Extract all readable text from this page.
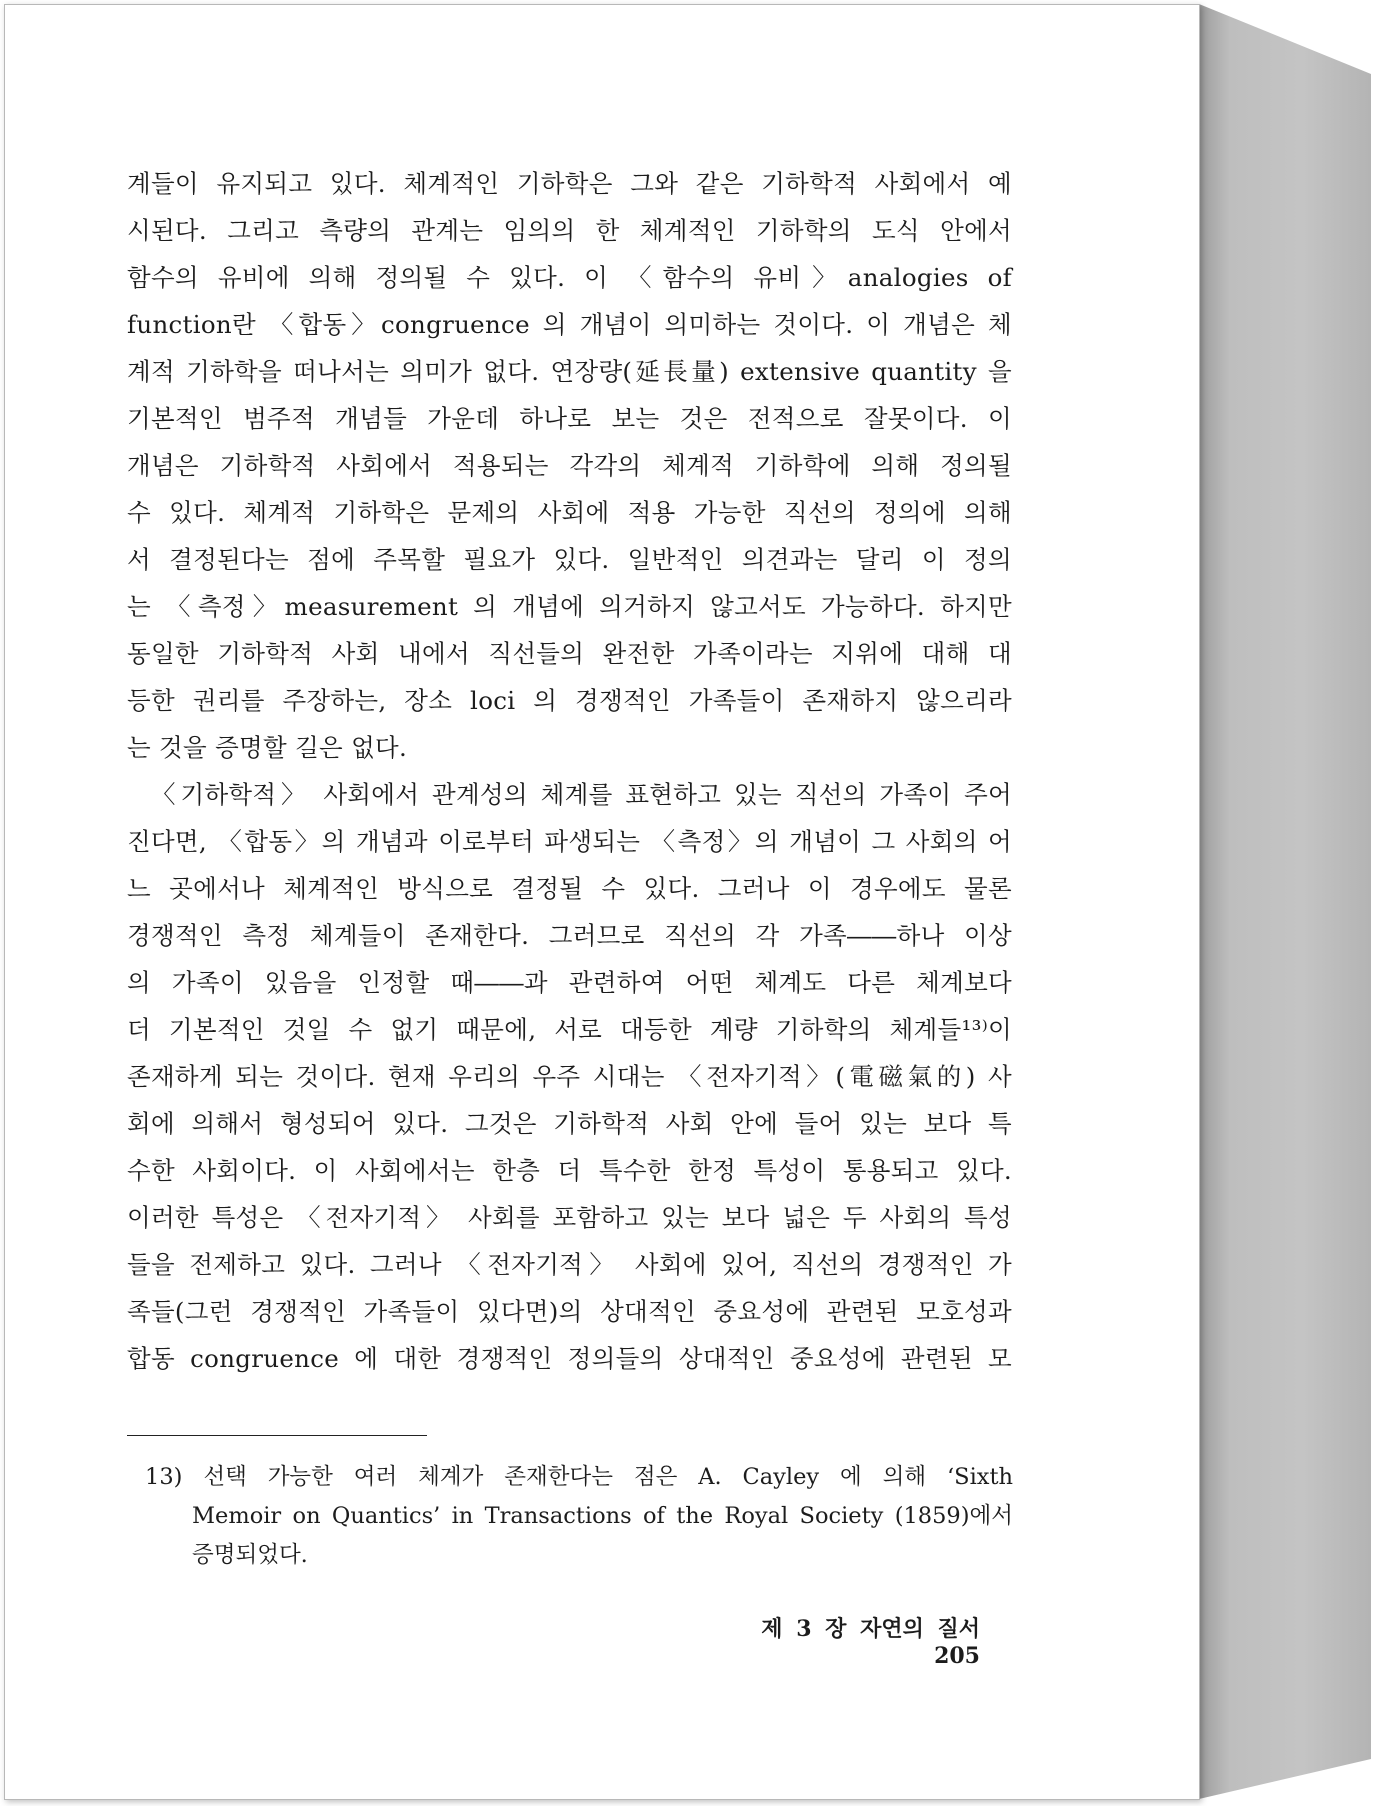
계들이 유지되고 있다. 체계적인 기하학은 그와 같은 기하학적 사회에서 예
시된다. 그리고 측량의 관계는 임의의 한 체계적인 기하학의 도식 안에서
함수의 유비에 의해 정의될 수 있다. 이 〈함수의 유비〉analogies of
function란 〈합동〉congruence 의 개념이 의미하는 것이다. 이 개념은 체
계적 기하학을 떠나서는 의미가 없다. 연장량(延長量) extensive quantity 을
기본적인 범주적 개념들 가운데 하나로 보는 것은 전적으로 잘못이다. 이
개념은 기하학적 사회에서 적용되는 각각의 체계적 기하학에 의해 정의될
수 있다. 체계적 기하학은 문제의 사회에 적용 가능한 직선의 정의에 의해
서 결정된다는 점에 주목할 필요가 있다. 일반적인 의견과는 달리 이 정의
는 〈측정〉measurement 의 개념에 의거하지 않고서도 가능하다. 하지만
동일한 기하학적 사회 내에서 직선들의 완전한 가족이라는 지위에 대해 대
등한 권리를 주장하는, 장소 loci 의 경쟁적인 가족들이 존재하지 않으리라
는 것을 증명할 길은 없다.
〈기하학적〉 사회에서 관계성의 체계를 표현하고 있는 직선의 가족이 주어
진다면, 〈합동〉의 개념과 이로부터 파생되는 〈측정〉의 개념이 그 사회의 어
느 곳에서나 체계적인 방식으로 결정될 수 있다. 그러나 이 경우에도 물론
경쟁적인 측정 체계들이 존재한다. 그러므로 직선의 각 가족――하나 이상
의 가족이 있음을 인정할 때――과 관련하여 어떤 체계도 다른 체계보다
더 기본적인 것일 수 없기 때문에, 서로 대등한 계량 기하학의 체계들¹³⁾이
존재하게 되는 것이다. 현재 우리의 우주 시대는 〈전자기적〉(電磁氣的) 사
회에 의해서 형성되어 있다. 그것은 기하학적 사회 안에 들어 있는 보다 특
수한 사회이다. 이 사회에서는 한층 더 특수한 한정 특성이 통용되고 있다.
이러한 특성은 〈전자기적〉 사회를 포함하고 있는 보다 넓은 두 사회의 특성
들을 전제하고 있다. 그러나 〈전자기적〉 사회에 있어, 직선의 경쟁적인 가
족들(그런 경쟁적인 가족들이 있다면)의 상대적인 중요성에 관련된 모호성과
합동 congruence 에 대한 경쟁적인 정의들의 상대적인 중요성에 관련된 모
13) 선택 가능한 여러 체계가 존재한다는 점은 A. Cayley 에 의해 ‘Sixth
Memoir on Quantics’ in Transactions of the Royal Society (1859)에서
증명되었다.
제 3 장 자연의 질서205
